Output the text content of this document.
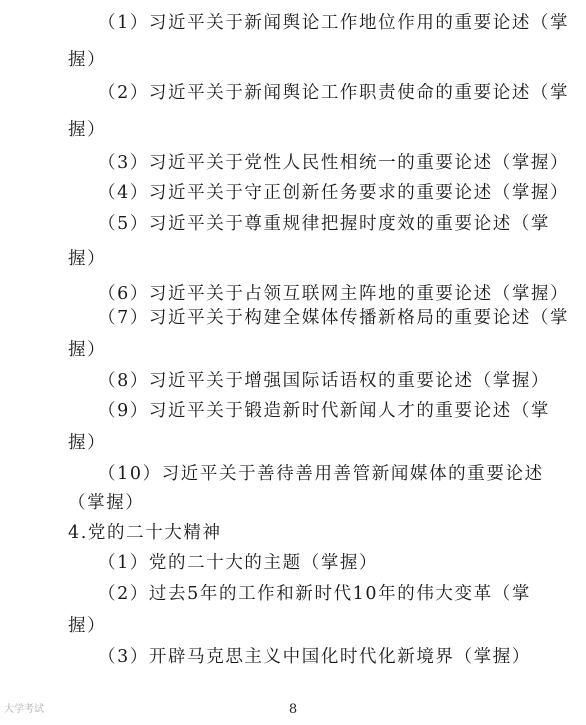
（1）习近平关于新闻舆论工作地位作用的重要论述（掌
握）
（2）习近平关于新闻舆论工作职责使命的重要论述（掌
握）
（3）习近平关于党性人民性相统一的重要论述（掌握）
（4）习近平关于守正创新任务要求的重要论述（掌握）
（5）习近平关于尊重规律把握时度效的重要论述（掌
握）
（6）习近平关于占领互联网主阵地的重要论述（掌握）
（7）习近平关于构建全媒体传播新格局的重要论述（掌
握）
（8）习近平关于增强国际话语权的重要论述（掌握）
（9）习近平关于锻造新时代新闻人才的重要论述（掌
握）
（10）习近平关于善待善用善管新闻媒体的重要论述
（掌握）
4.党的二十大精神
（1）党的二十大的主题（掌握）
（2）过去5年的工作和新时代10年的伟大变革（掌
握）
（3）开辟马克思主义中国化时代化新境界（掌握）
大学考试	8
